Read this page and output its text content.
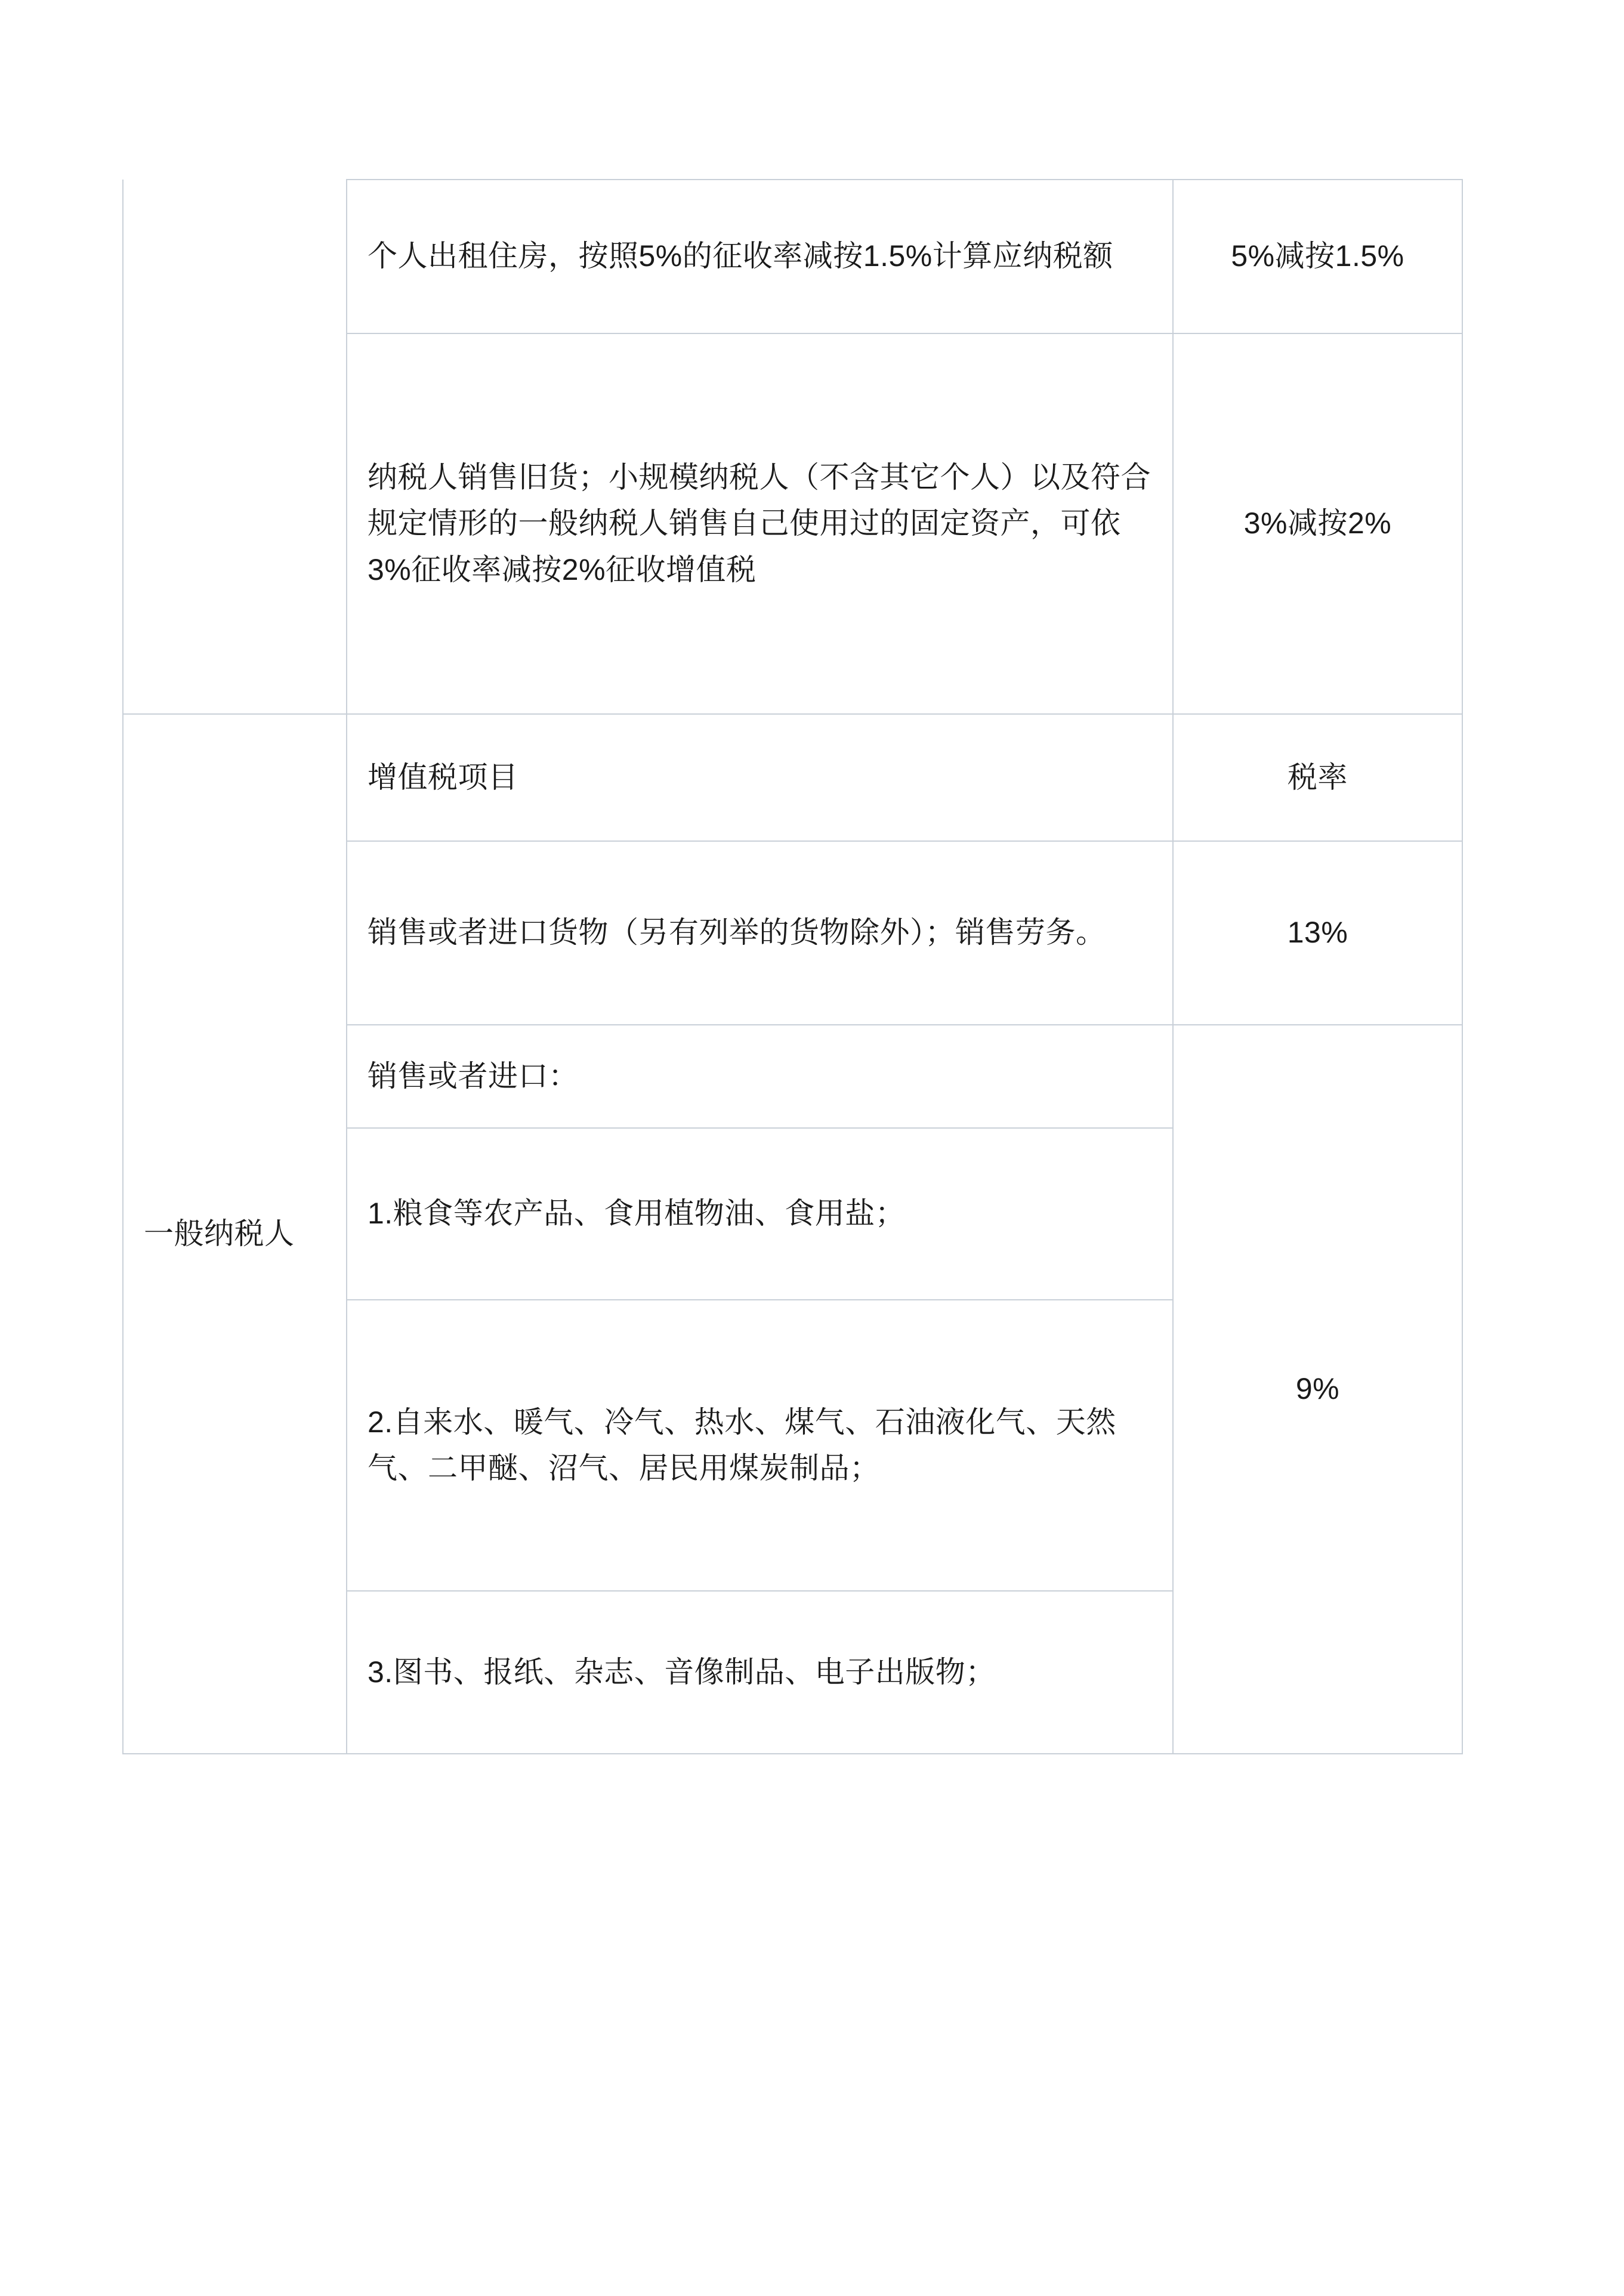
	个人出租住房，按照5%的征收率减按1.5%计算应纳税额	5%减按1.5%
	纳税人销售旧货；小规模纳税人（不含其它个人）以及符合规定情形的一般纳税人销售自己使用过的固定资产，可依3%征收率减按2%征收增值税	3%减按2%
一般纳税人	增值税项目	税率
	销售或者进口货物（另有列举的货物除外）；销售劳务。	13%
	销售或者进口：	9%
	1.粮食等农产品、食用植物油、食用盐；	
	2.自来水、暖气、冷气、热水、煤气、石油液化气、天然气、二甲醚、沼气、居民用煤炭制品；	
	3.图书、报纸、杂志、音像制品、电子出版物；	
